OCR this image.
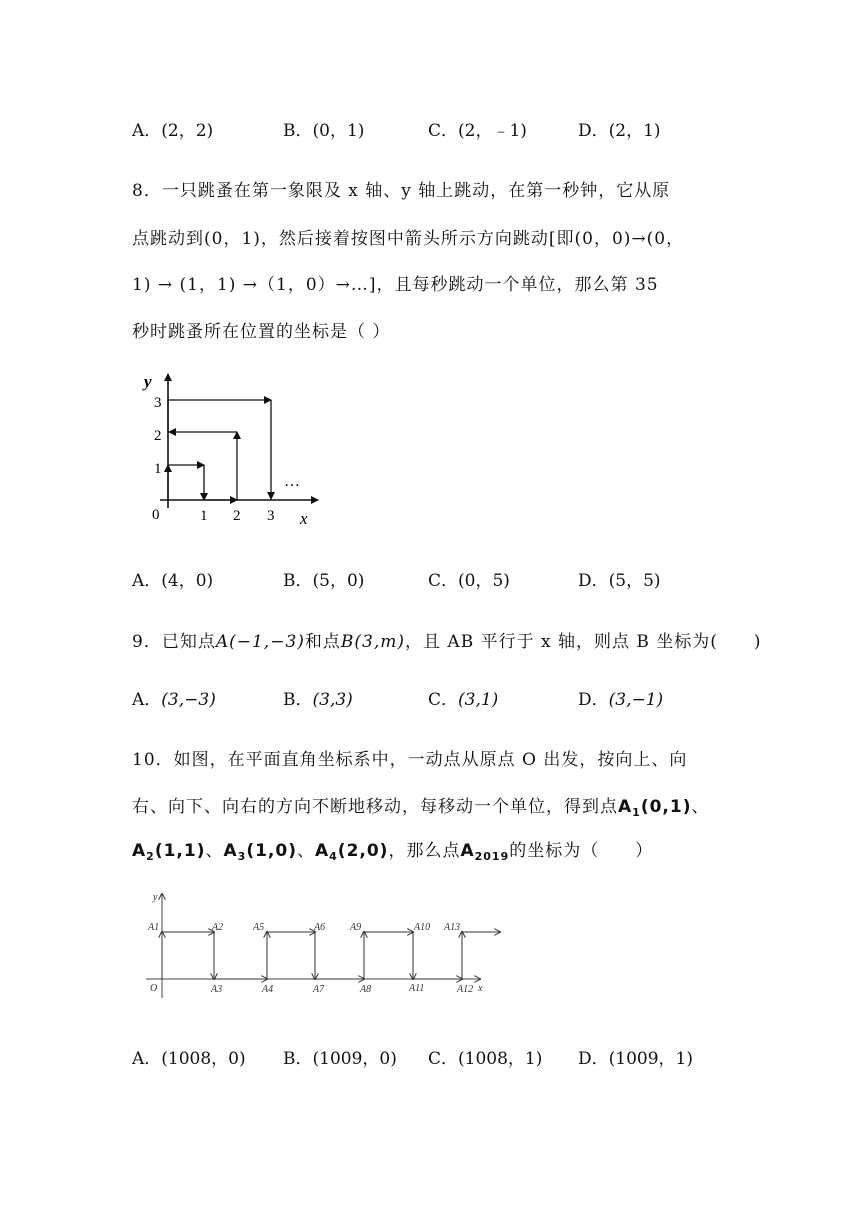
A．(2，2)	B．(0，1)	C．(2，﹣1)	D．(2，1)
8．一只跳蚤在第一象限及 x 轴、y 轴上跳动，在第一秒钟，它从原
点跳动到(0，1)，然后接着按图中箭头所示方向跳动[即(0，0)→(0，
1) → (1，1) →（1，0）→…]，且每秒跳动一个单位，那么第 35
秒时跳蚤所在位置的坐标是（ ）
y
x
0	1 2 3
1
2
3
…
A．(4，0)	B．(5，0)	C．(0，5)	D．(5，5)
9．已知点A(−1,−3)和点B(3,m)，且 AB 平行于 x 轴，则点 B 坐标为(　　)
A．(3,−3)	B．(3,3)	C．(3,1)	D．(3,−1)
10．如图，在平面直角坐标系中，一动点从原点 O 出发，按向上、向
右、向下、向右的方向不断地移动，每移动一个单位，得到点$A_1(0,1)$、
$A_2(1,1)$、$A_3(1,0)$、$A_4(2,0)$，那么点$A_{2019}$的坐标为（　　）
y
x
O
A1	A2	A5	A6 A9	A10 A13
A3	A4	A7	A8	A11	A12
A．(1008，0) B．(1009，0) C．(1008，1) D．(1009，1)
